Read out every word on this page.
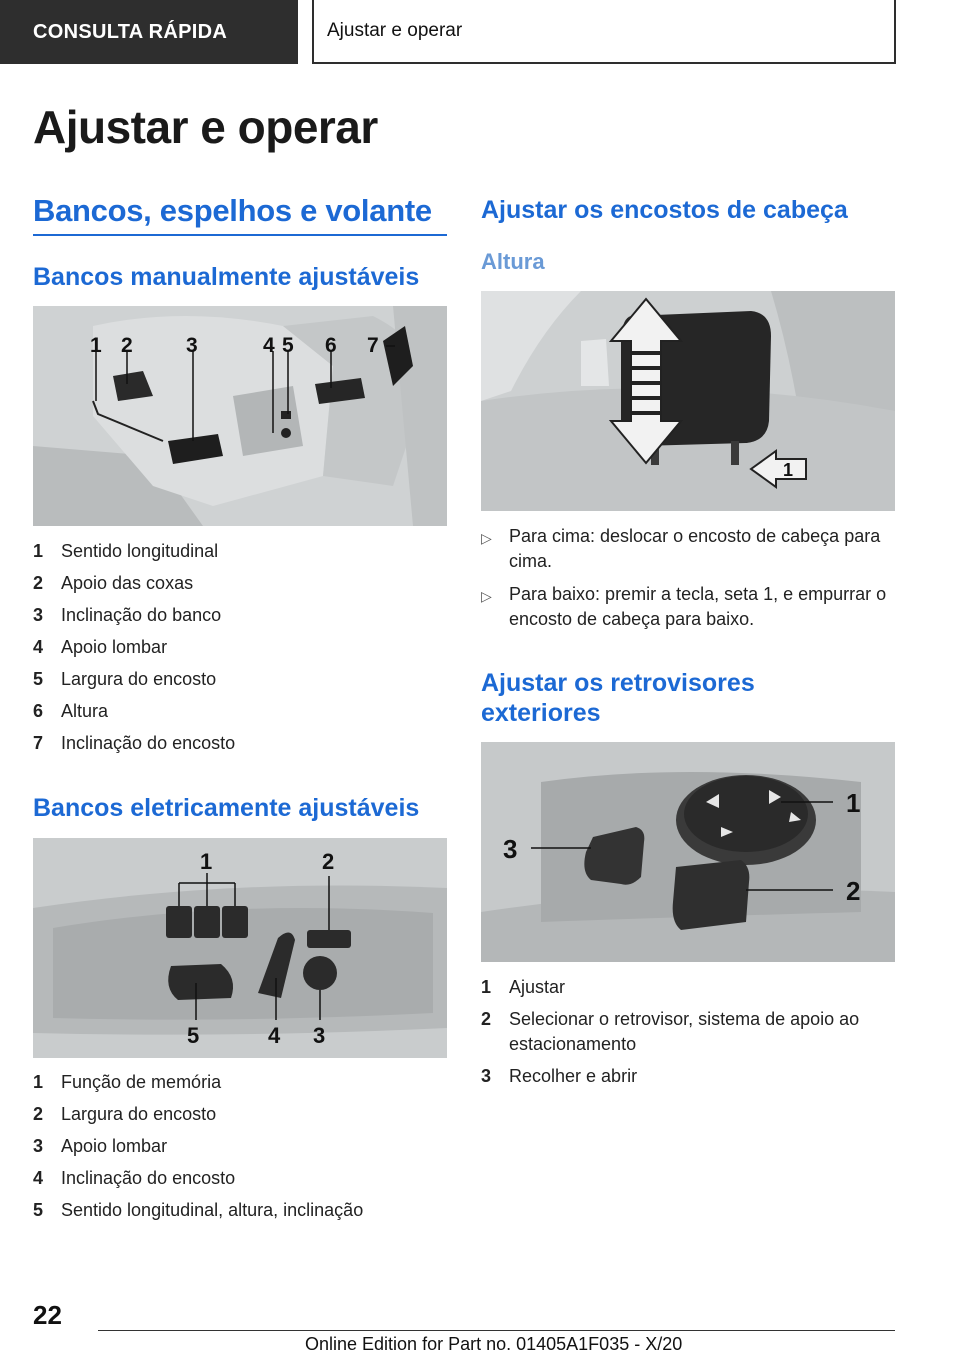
CONSULTA RÁPIDA	Ajustar e operar
Ajustar e operar
Bancos, espelhos e volante
Bancos manualmente ajustáveis
1 2	3	4 5 6 7
1 Sentido longitudinal
2 Apoio das coxas
3 Inclinação do banco
4 Apoio lombar
5 Largura do encosto
6 Altura
7 Inclinação do encosto
Bancos eletricamente ajustáveis
1	2
3
4
5
1 Função de memória
2 Largura do encosto
3 Apoio lombar
4 Inclinação do encosto
5 Sentido longitudinal, altura, inclinação
Ajustar os encostos de cabeça
Altura
1
▷ Para cima: deslocar o encosto de cabeça para cima.
▷ Para baixo: premir a tecla, seta 1, e empurrar o encosto de cabeça para baixo.
Ajustar os retrovisores
exteriores
1
2
3
1 Ajustar
2 Selecionar o retrovisor, sistema de apoio ao estacionamento
3 Recolher e abrir
22
Online Edition for Part no. 01405A1F035 - X/20
